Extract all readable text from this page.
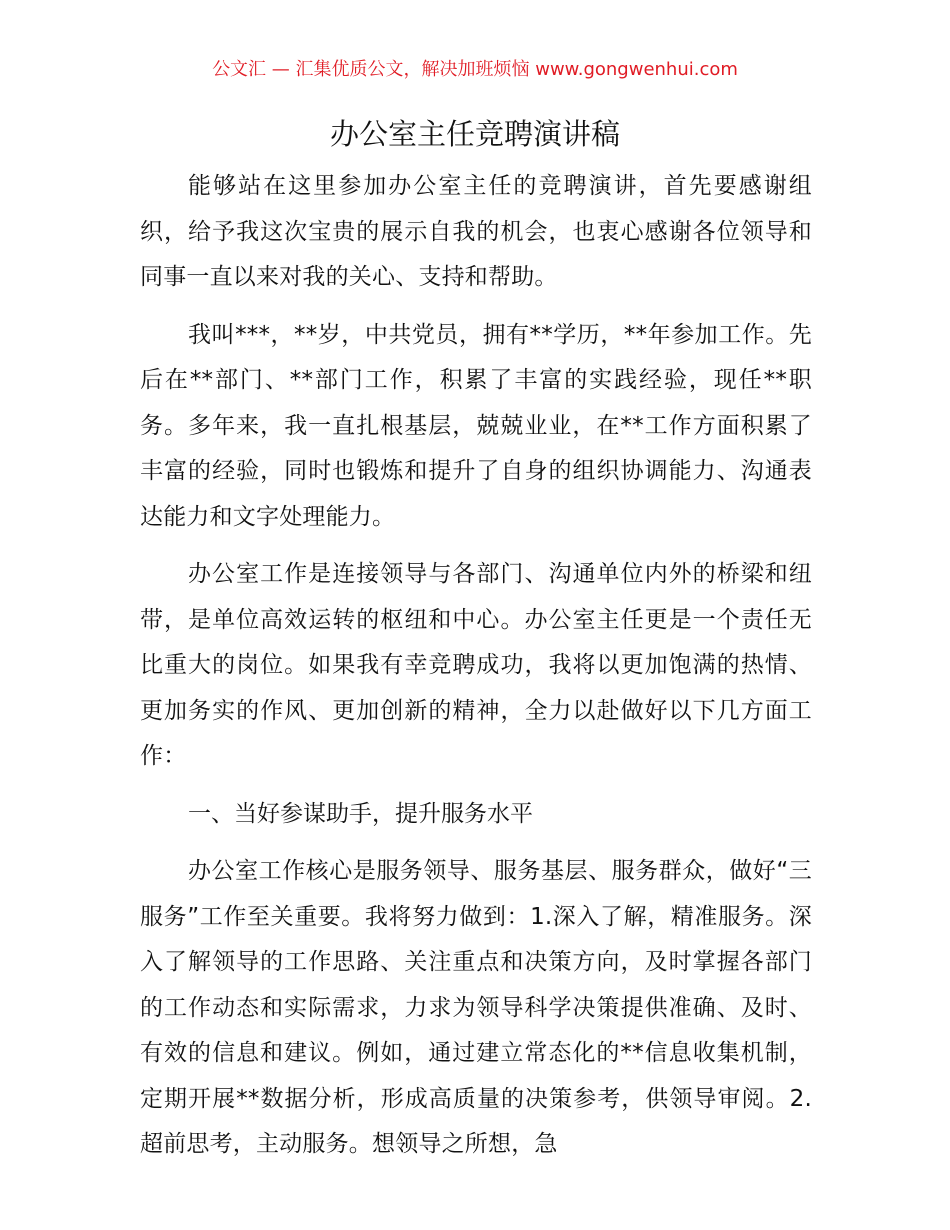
公文汇 — 汇集优质公文，解决加班烦恼 www.gongwenhui.com
办公室主任竞聘演讲稿

能够站在这里参加办公室主任的竞聘演讲，首先要感谢组织，给予我这次宝贵的展示自我的机会，也衷心感谢各位领导和同事一直以来对我的关心、支持和帮助。

我叫***，**岁，中共党员，拥有**学历，**年参加工作。先后在**部门、**部门工作，积累了丰富的实践经验，现任**职务。多年来，我一直扎根基层，兢兢业业，在**工作方面积累了丰富的经验，同时也锻炼和提升了自身的组织协调能力、沟通表达能力和文字处理能力。

办公室工作是连接领导与各部门、沟通单位内外的桥梁和纽带，是单位高效运转的枢纽和中心。办公室主任更是一个责任无比重大的岗位。如果我有幸竞聘成功，我将以更加饱满的热情、更加务实的作风、更加创新的精神，全力以赴做好以下几方面工作：

一、当好参谋助手，提升服务水平

办公室工作核心是服务领导、服务基层、服务群众，做好“三服务”工作至关重要。我将努力做到：1.深入了解，精准服务。深入了解领导的工作思路、关注重点和决策方向，及时掌握各部门的工作动态和实际需求，力求为领导科学决策提供准确、及时、有效的信息和建议。例如，通过建立常态化的**信息收集机制，定期开展**数据分析，形成高质量的决策参考，供领导审阅。2.超前思考，主动服务。想领导之所想，急
